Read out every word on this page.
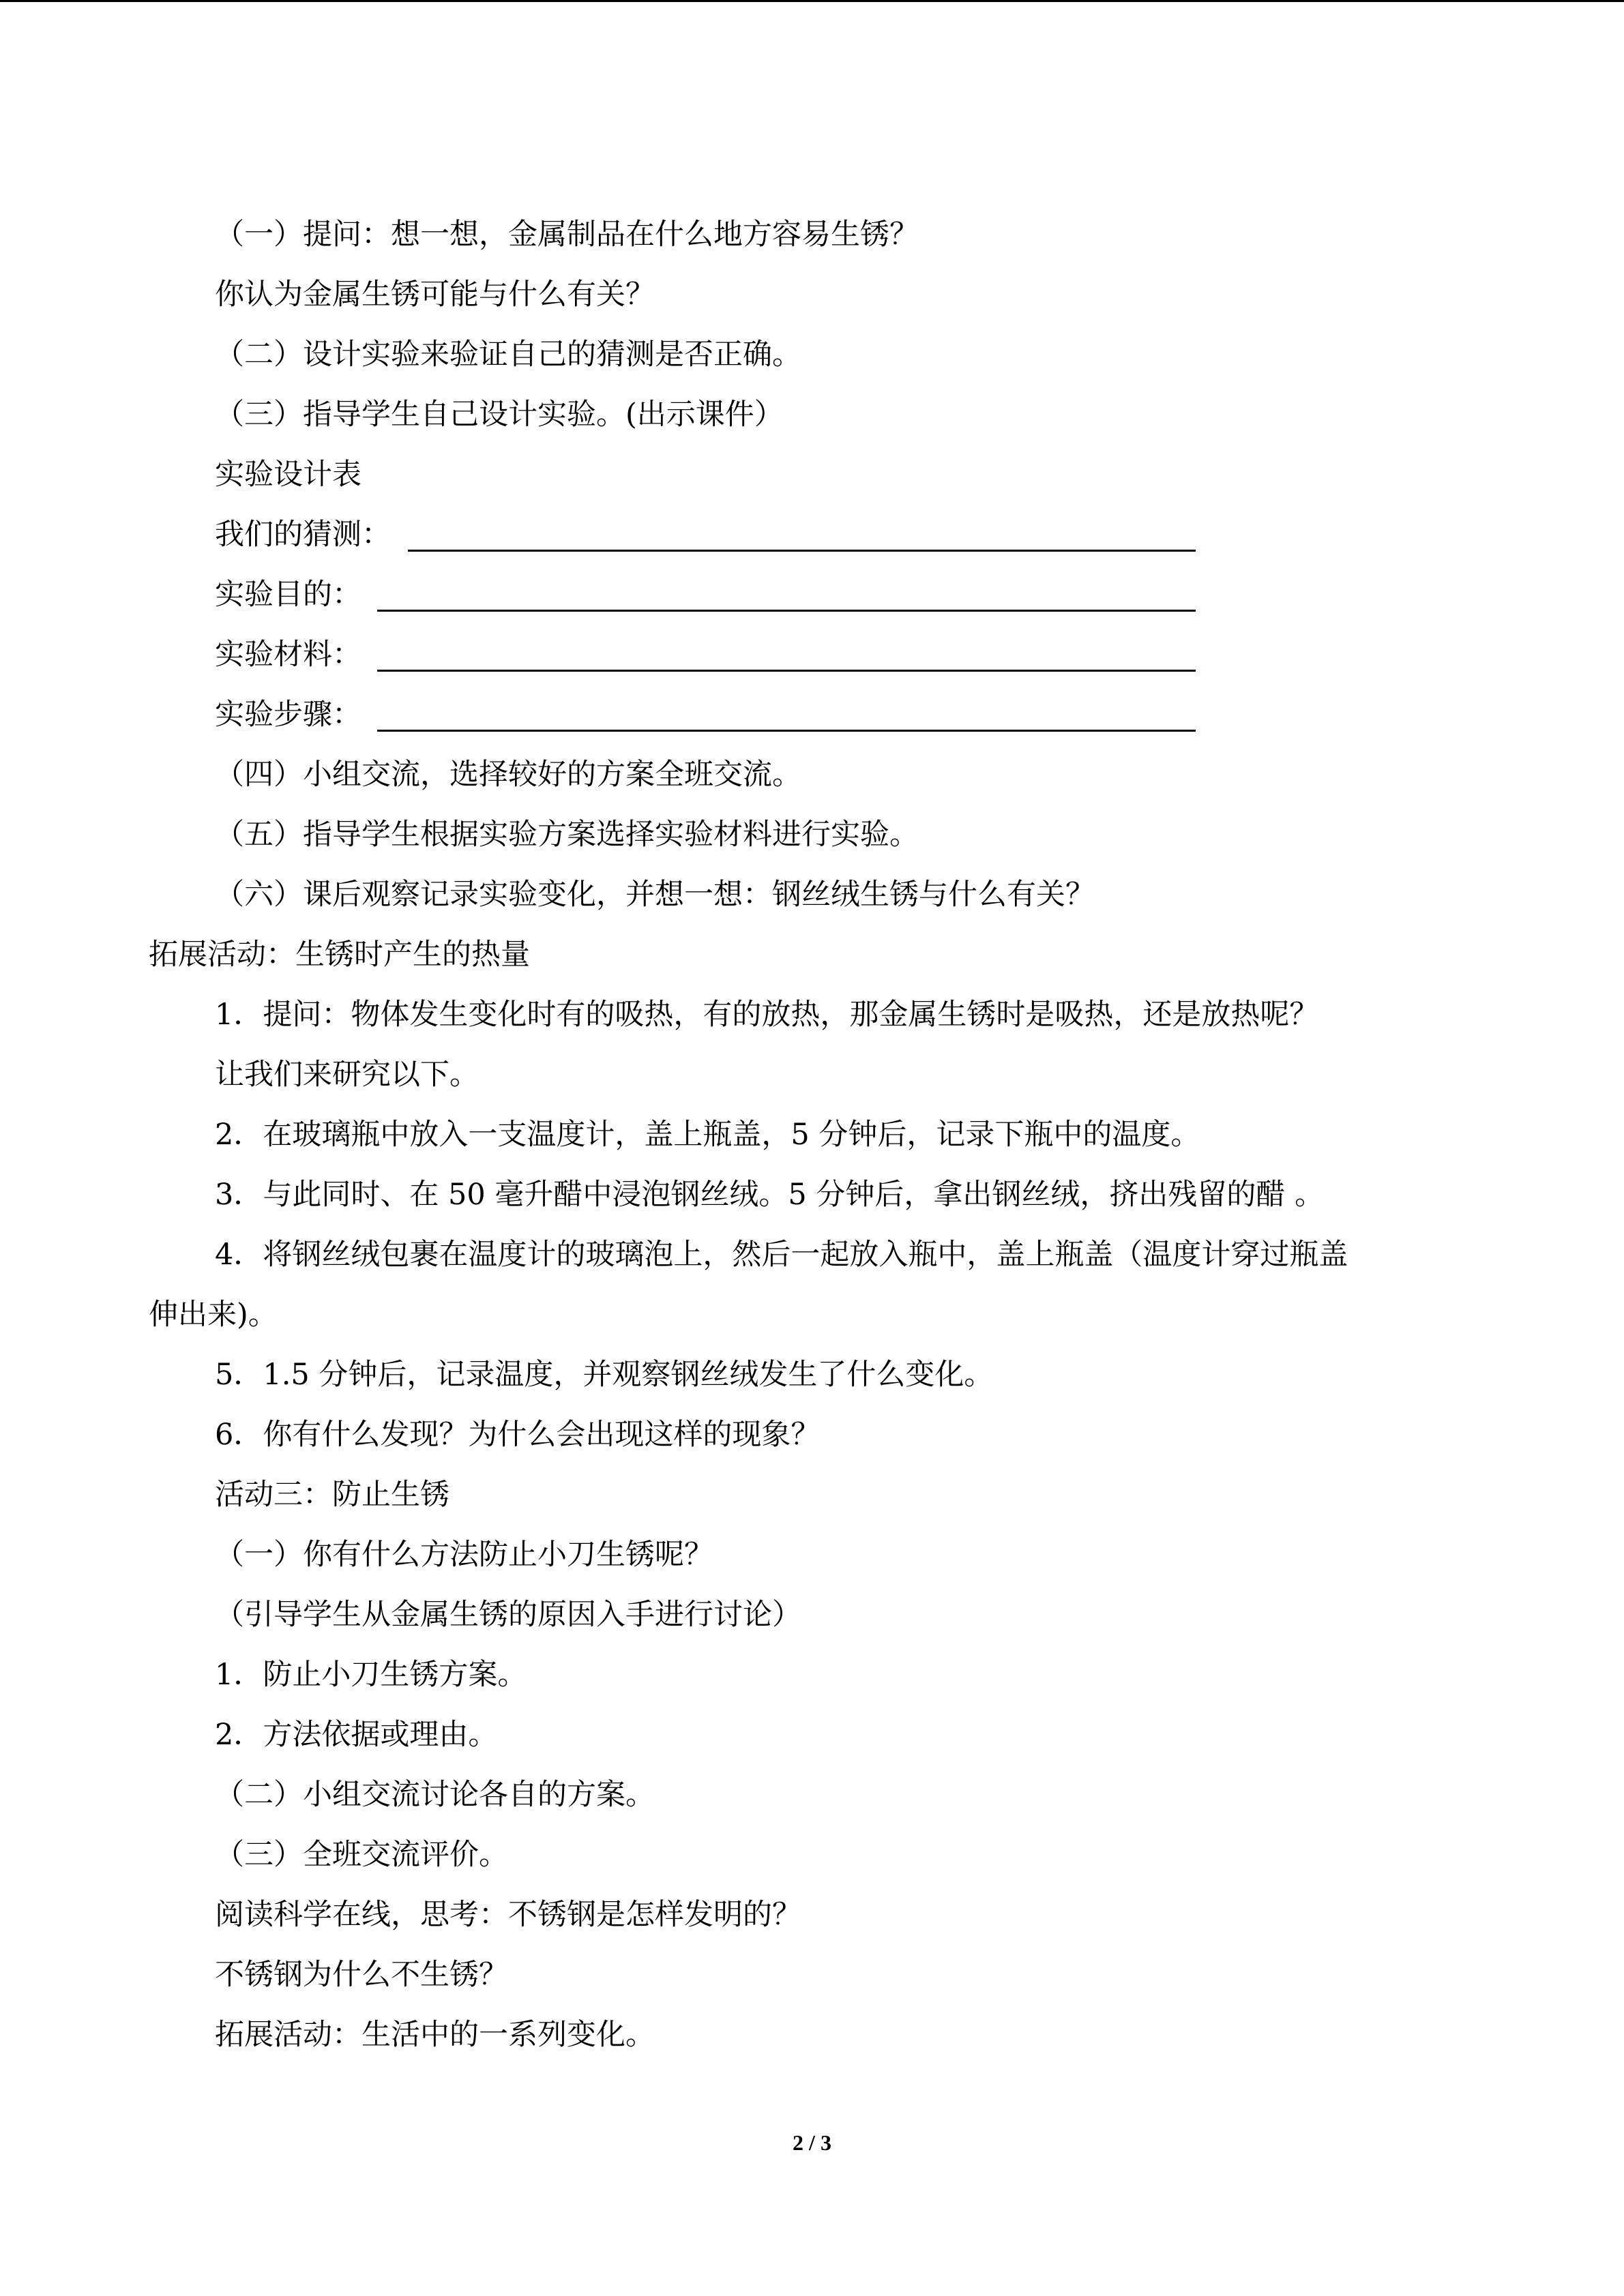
（一）提问：想一想，金属制品在什么地方容易生锈？
你认为金属生锈可能与什么有关？
（二）设计实验来验证自己的猜测是否正确。
（三）指导学生自己设计实验。(出示课件）
实验设计表
我们的猜测：
实验目的：
实验材料：
实验步骤：
（四）小组交流，选择较好的方案全班交流。
（五）指导学生根据实验方案选择实验材料进行实验。
（六）课后观察记录实验变化，并想一想：钢丝绒生锈与什么有关？
拓展活动：生锈时产生的热量
1．提问：物体发生变化时有的吸热，有的放热，那金属生锈时是吸热，还是放热呢？
让我们来研究以下。
2．在玻璃瓶中放入一支温度计，盖上瓶盖，5 分钟后，记录下瓶中的温度。
3．与此同时、在 50 毫升醋中浸泡钢丝绒。5 分钟后，拿出钢丝绒，挤出残留的醋 。
4．将钢丝绒包裹在温度计的玻璃泡上，然后一起放入瓶中，盖上瓶盖（温度计穿过瓶盖
伸出来)。
5．1.5 分钟后，记录温度，并观察钢丝绒发生了什么变化。
6．你有什么发现？为什么会出现这样的现象？
活动三：防止生锈
（一）你有什么方法防止小刀生锈呢？
（引导学生从金属生锈的原因入手进行讨论）
1．防止小刀生锈方案。
2．方法依据或理由。
（二）小组交流讨论各自的方案。
（三）全班交流评价。
阅读科学在线，思考：不锈钢是怎样发明的？
不锈钢为什么不生锈？
拓展活动：生活中的一系列变化。
2 / 3
